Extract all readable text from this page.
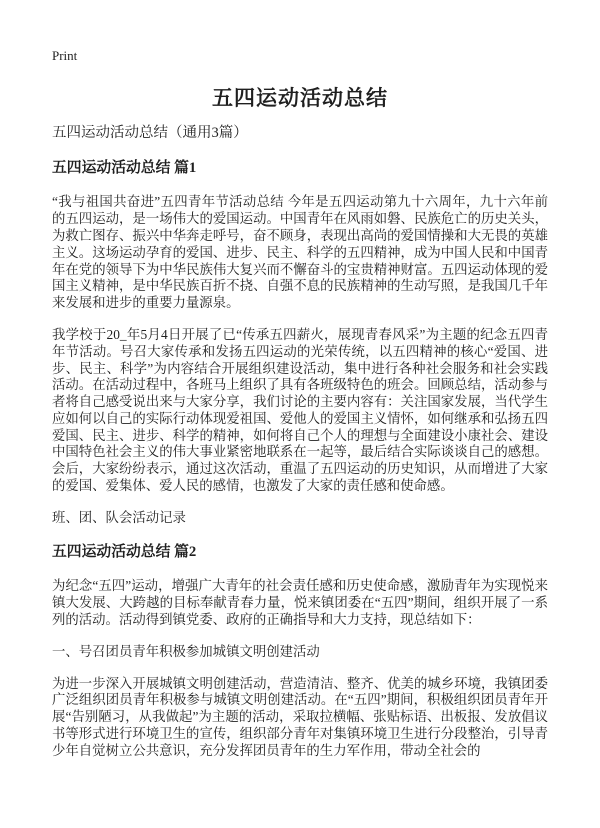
Print
五四运动活动总结
五四运动活动总结（通用3篇）
五四运动活动总结 篇1

“我与祖国共奋进”五四青年节活动总结 今年是五四运动第九十六周年，九十六年前的五四运动，是一场伟大的爱国运动。中国青年在风雨如磐、民族危亡的历史关头，为救亡图存、振兴中华奔走呼号，奋不顾身，表现出高尚的爱国情操和大无畏的英雄主义。这场运动孕育的爱国、进步、民主、科学的五四精神，成为中国人民和中国青年在党的领导下为中华民族伟大复兴而不懈奋斗的宝贵精神财富。五四运动体现的爱国主义精神，是中华民族百折不挠、自强不息的民族精神的生动写照，是我国几千年来发展和进步的重要力量源泉。

我学校于20_年5月4日开展了已“传承五四薪火，展现青春风采”为主题的纪念五四青年节活动。号召大家传承和发扬五四运动的光荣传统，以五四精神的核心“爱国、进步、民主、科学”为内容结合开展组织建设活动，集中进行各种社会服务和社会实践活动。在活动过程中，各班马上组织了具有各班级特色的班会。回顾总结，活动参与者将自己感受说出来与大家分享，我们讨论的主要内容有：关注国家发展，当代学生应如何以自己的实际行动体现爱祖国、爱他人的爱国主义情怀，如何继承和弘扬五四爱国、民主、进步、科学的精神，如何将自己个人的理想与全面建设小康社会、建设中国特色社会主义的伟大事业紧密地联系在一起等，最后结合实际谈谈自己的感想。会后，大家纷纷表示，通过这次活动，重温了五四运动的历史知识，从而增进了大家的爱国、爱集体、爱人民的感情，也激发了大家的责任感和使命感。

班、团、队会活动记录

五四运动活动总结 篇2

为纪念“五四”运动，增强广大青年的社会责任感和历史使命感，激励青年为实现悦来镇大发展、大跨越的目标奉献青春力量，悦来镇团委在“五四”期间，组织开展了一系列的活动。活动得到镇党委、政府的正确指导和大力支持，现总结如下：

一、号召团员青年积极参加城镇文明创建活动

为进一步深入开展城镇文明创建活动，营造清洁、整齐、优美的城乡环境，我镇团委广泛组织团员青年积极参与城镇文明创建活动。在“五四”期间，积极组织团员青年开展“告别陋习，从我做起”为主题的活动，采取拉横幅、张贴标语、出板报、发放倡议书等形式进行环境卫生的宣传，组织部分青年对集镇环境卫生进行分段整治，引导青少年自觉树立公共意识，充分发挥团员青年的生力军作用，带动全社会的
